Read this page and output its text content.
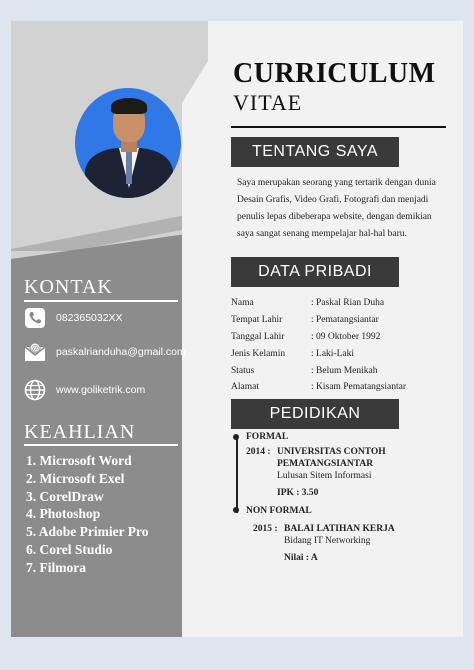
KONTAK
082365032XX
@ paskalrianduha@gmail.com
www.goliketrik.com
KEAHLIAN
1. Microsoft Word
2. Microsoft Exel
3. CorelDraw
4. Photoshop
5. Adobe Primier Pro
6. Corel Studio
7. Filmora
CURRICULUM
VITAE
TENTANG SAYA
Saya merupakan seorang yang tertarik dengan dunia Desain Grafis, Video Grafi, Fotografi dan menjadi penulis lepas dibeberapa website, dengan demikian saya sangat senang mempelajar hal-hal baru.
DATA PRIBADI
Nama	: Paskal Rian Duha
Tempat Lahir	: Pematangsiantar
Tanggal Lahir	: 09 Oktober 1992
Jenis Kelamin	: Laki-Laki
Status	: Belum Menikah
Alamat	: Kisam Pematangsiantar
PEDIDIKAN
FORMAL
2014 : UNIVERSITAS CONTOH
PEMATANGSIANTAR
Lulusan Sitem Informasi
IPK : 3.50
NON FORMAL
2015 : BALAI LATIHAN KERJA
Bidang IT Networking
Nilai : A
